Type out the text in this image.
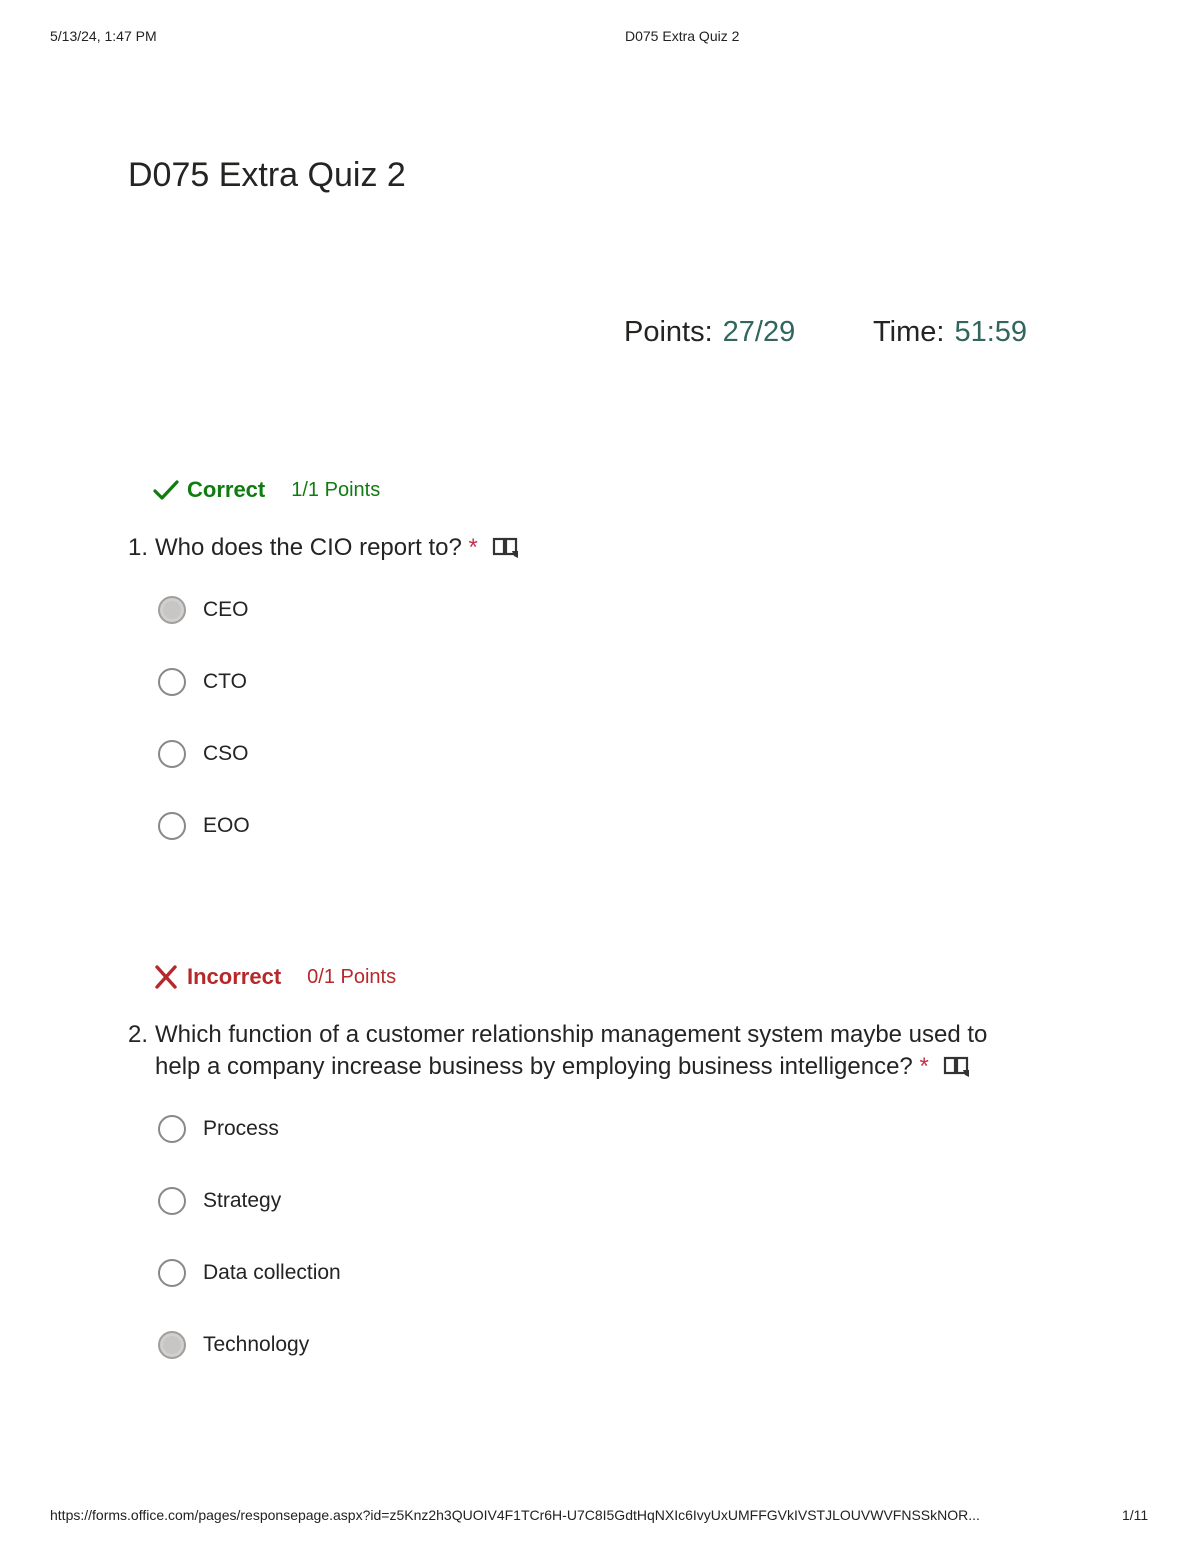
5/13/24, 1:47 PM	D075 Extra Quiz 2
D075 Extra Quiz 2
Points: 27/29	Time: 51:59
Correct 1/1 Points
1. Who does the CIO report to? *
CEO
CTO
CSO
EOO
Incorrect 0/1 Points
2. Which function of a customer relationship management system maybe used to help a company increase business by employing business intelligence? *
Process
Strategy
Data collection
Technology
https://forms.office.com/pages/responsepage.aspx?id=z5Knz2h3QUOIV4F1TCr6H-U7C8I5GdtHqNXIc6IvyUxUMFFGVkIVSTJLOUVWVFNSSkNOR...	1/11
